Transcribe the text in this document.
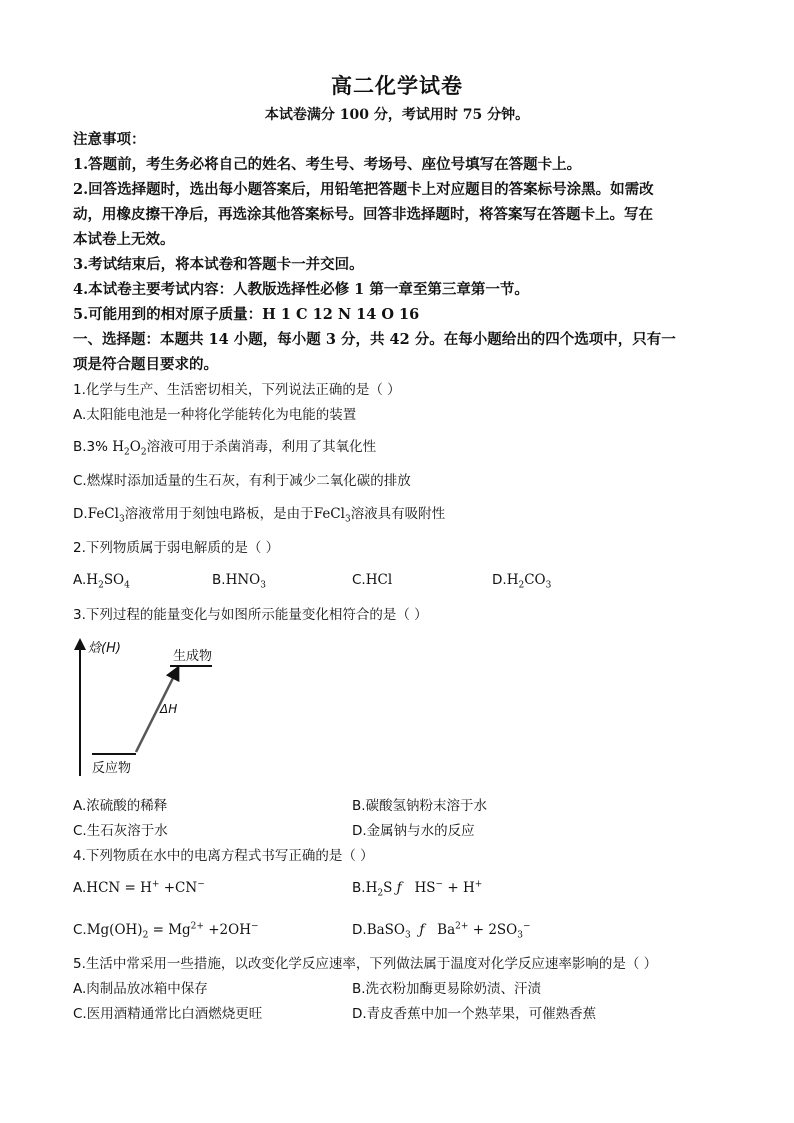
高二化学试卷
本试卷满分 100 分，考试用时 75 分钟。
注意事项：
1.答题前，考生务必将自己的姓名、考生号、考场号、座位号填写在答题卡上。
2.回答选择题时，选出每小题答案后，用铅笔把答题卡上对应题目的答案标号涂黑。如需改
动，用橡皮擦干净后，再选涂其他答案标号。回答非选择题时，将答案写在答题卡上。写在
本试卷上无效。
3.考试结束后，将本试卷和答题卡一并交回。
4.本试卷主要考试内容：人教版选择性必修 1 第一章至第三章第一节。
5.可能用到的相对原子质量：H 1 C 12 N 14 O 16
一、选择题：本题共 14 小题，每小题 3 分，共 42 分。在每小题给出的四个选项中，只有一
项是符合题目要求的。
1.化学与生产、生活密切相关，下列说法正确的是（ ）
A.太阳能电池是一种将化学能转化为电能的装置
B.3% $H_2O_2$溶液可用于杀菌消毒，利用了其氧化性
C.燃煤时添加适量的生石灰，有利于减少二氧化碳的排放
D.FeCl$_3$溶液常用于刻蚀电路板，是由于FeCl$_3$溶液具有吸附性
2.下列物质属于弱电解质的是（ ）
$A.H_2SO_4$	$B.HNO_3$	C.HCl	$D.H_2CO_3$
3.下列过程的能量变化与如图所示能量变化相符合的是（ ）
焓(H)
生成物
反应物
ΔH
A.浓硫酸的稀释	B.碳酸氢钠粉末溶于水
C.生石灰溶于水	D.金属钠与水的反应
4.下列物质在水中的电离方程式书写正确的是（ ）
A.HCN = H+ +CN−	$B.H_2S$ ƒ   HS− + H+
$C.Mg(OH)_2 = Mg^{2+} +2OH^-$	D.BaSO$_3$ ƒ   $Ba^{2+} + 2SO_3^-$
5.生活中常采用一些措施，以改变化学反应速率，下列做法属于温度对化学反应速率影响的是（ ）
A.肉制品放冰箱中保存	B.洗衣粉加酶更易除奶渍、汗渍
C.医用酒精通常比白酒燃烧更旺	D.青皮香蕉中加一个熟苹果，可催熟香蕉
